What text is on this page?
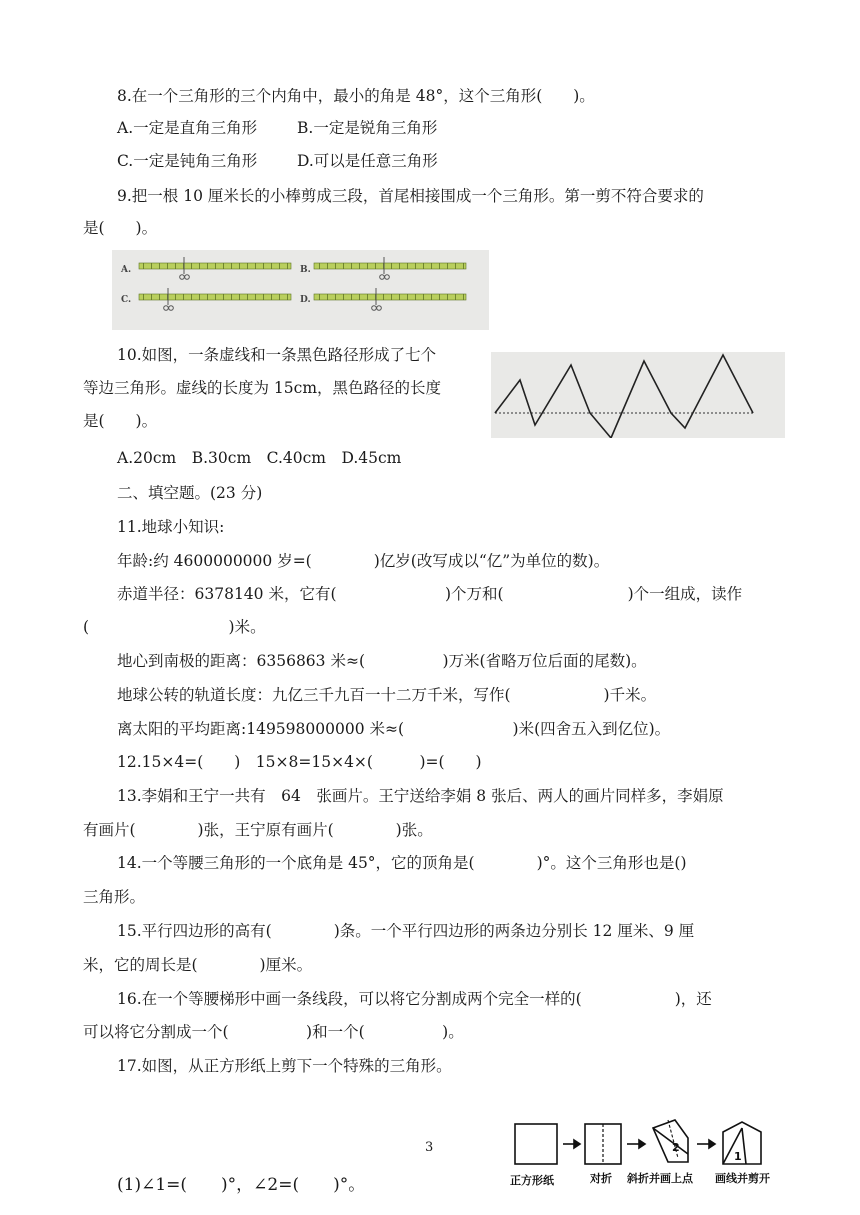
8.在一个三角形的三个内角中，最小的角是 48°，这个三角形(　　)。
A.一定是直角三角形	B.一定是锐角三角形
C.一定是钝角三角形	D.可以是任意三角形
9.把一根 10 厘米长的小棒剪成三段，首尾相接围成一个三角形。第一剪不符合要求的
是(　　)。
A.	B.
C.	D.
10.如图，一条虚线和一条黑色路径形成了七个
等边三角形。虚线的长度为 15cm，黑色路径的长度
是(　　)。
A.20cm　B.30cm　C.40cm　D.45cm
二、填空题。(23 分)
11.地球小知识:
年龄:约 4600000000 岁=(　　　　)亿岁(改写成以“亿”为单位的数)。
赤道半径：6378140 米，它有(　　　　　　　)个万和(　　　　　　　　)个一组成，读作
(　　　　　　　　　)米。
地心到南极的距离：6356863 米≈(　　　　　)万米(省略万位后面的尾数)。
地球公转的轨道长度：九亿三千九百一十二万千米，写作(　　　　　　)千米。
离太阳的平均距离:149598000000 米≈(　　　　　　　)米(四舍五入到亿位)。
12.15×4=(　　)　15×8=15×4×(　　　)=(　　)
13.李娟和王宁一共有　64　张画片。王宁送给李娟 8 张后、两人的画片同样多，李娟原
有画片(　　　　)张，王宁原有画片(　　　　)张。
14.一个等腰三角形的一个底角是 45°，它的顶角是(　　　　)°。这个三角形也是()
三角形。
15.平行四边形的高有(　　　　)条。一个平行四边形的两条边分别长 12 厘米、9 厘
米，它的周长是(　　　　)厘米。
16.在一个等腰梯形中画一条线段，可以将它分割成两个完全一样的(　　　　　　)，还
可以将它分割成一个(　　　　　)和一个(　　　　　)。
17.如图，从正方形纸上剪下一个特殊的三角形。
3
(1)∠1=(　　)°，∠2=(　　)°。
2
1
正方形纸	对折 斜折并画上点 画线并剪开
